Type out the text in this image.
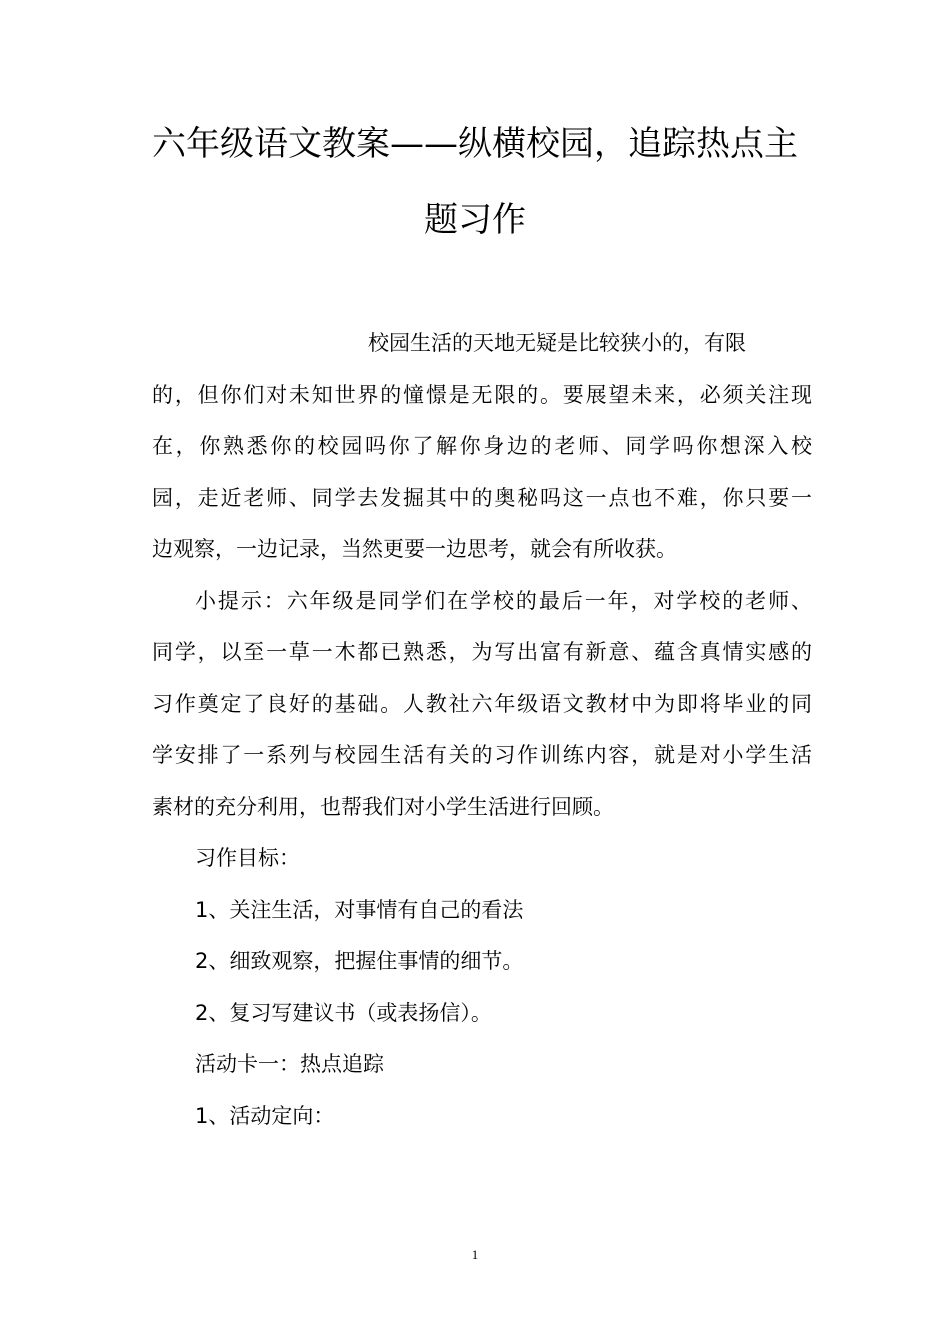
六年级语文教案——纵横校园，追踪热点主
题习作
校园生活的天地无疑是比较狭小的，有限
的，但你们对未知世界的憧憬是无限的。要展望未来，必须关注现
在，你熟悉你的校园吗你了解你身边的老师、同学吗你想深入校
园，走近老师、同学去发掘其中的奥秘吗这一点也不难，你只要一
边观察，一边记录，当然更要一边思考，就会有所收获。
小提示：六年级是同学们在学校的最后一年，对学校的老师、
同学，以至一草一木都已熟悉，为写出富有新意、蕴含真情实感的
习作奠定了良好的基础。人教社六年级语文教材中为即将毕业的同
学安排了一系列与校园生活有关的习作训练内容，就是对小学生活
素材的充分利用，也帮我们对小学生活进行回顾。
习作目标：
1、关注生活，对事情有自己的看法
2、细致观察，把握住事情的细节。
2、复习写建议书（或表扬信）。
活动卡一：热点追踪
1、活动定向：
1
